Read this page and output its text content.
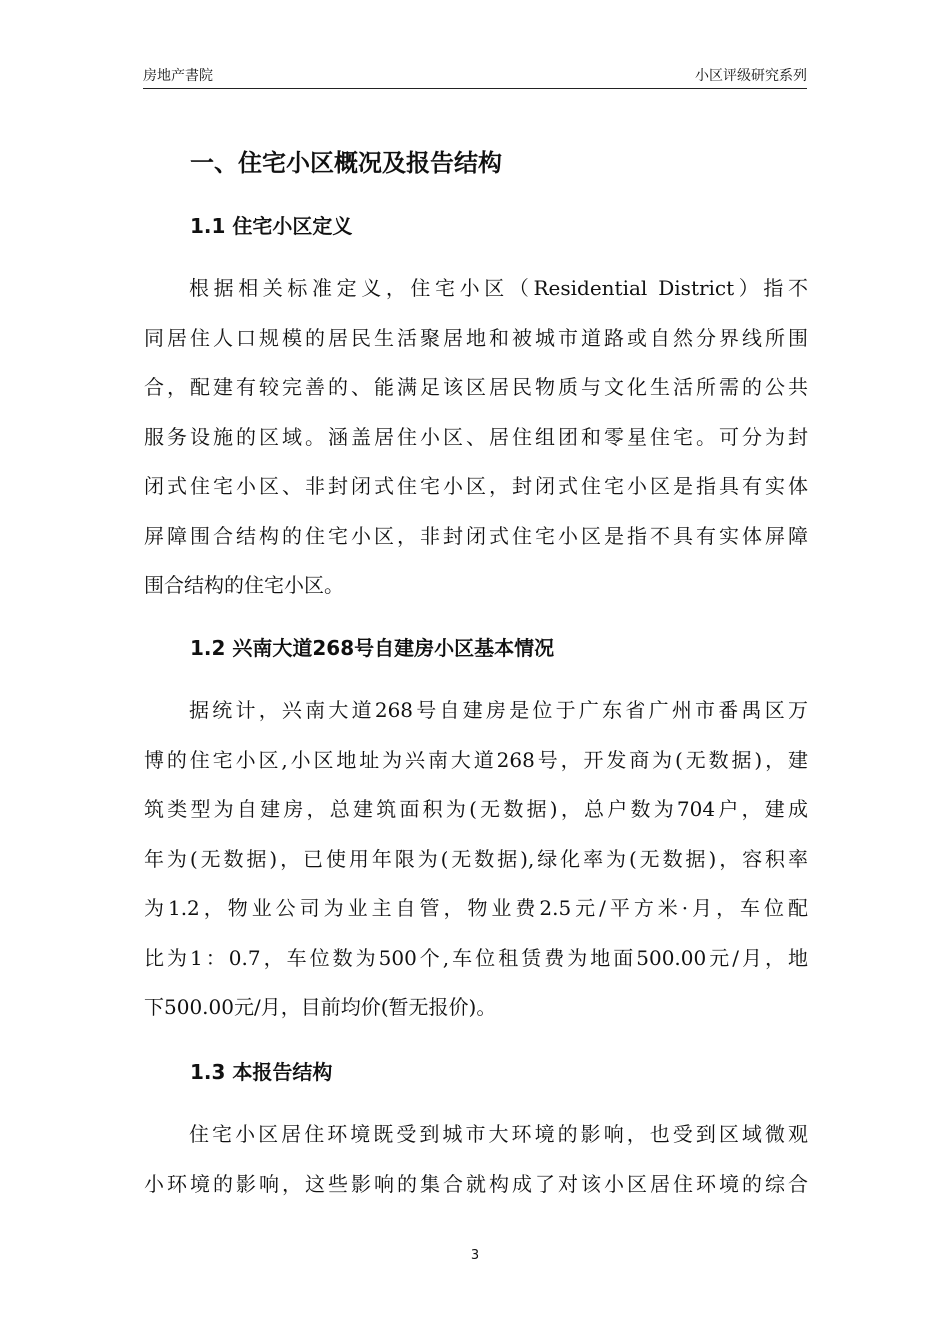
房地产書院	小区评级研究系列
一、住宅小区概况及报告结构
1.1 住宅小区定义
根据相关标准定义，住宅小区（Residential District）指不
同居住人口规模的居民生活聚居地和被城市道路或自然分界线所围
合，配建有较完善的、能满足该区居民物质与文化生活所需的公共
服务设施的区域。涵盖居住小区、居住组团和零星住宅。可分为封
闭式住宅小区、非封闭式住宅小区，封闭式住宅小区是指具有实体
屏障围合结构的住宅小区，非封闭式住宅小区是指不具有实体屏障
围合结构的住宅小区。
1.2 兴南大道268号自建房小区基本情况
据统计，兴南大道268号自建房是位于广东省广州市番禺区万
博的住宅小区,小区地址为兴南大道268号，开发商为(无数据)，建
筑类型为自建房，总建筑面积为(无数据)，总户数为704户，建成
年为(无数据)，已使用年限为(无数据),绿化率为(无数据)，容积率
为1.2，物业公司为业主自管，物业费2.5元/平方米·月，车位配
比为1：0.7，车位数为500个,车位租赁费为地面500.00元/月，地
下500.00元/月，目前均价(暂无报价)。
1.3 本报告结构
住宅小区居住环境既受到城市大环境的影响，也受到区域微观
小环境的影响，这些影响的集合就构成了对该小区居住环境的综合
3
